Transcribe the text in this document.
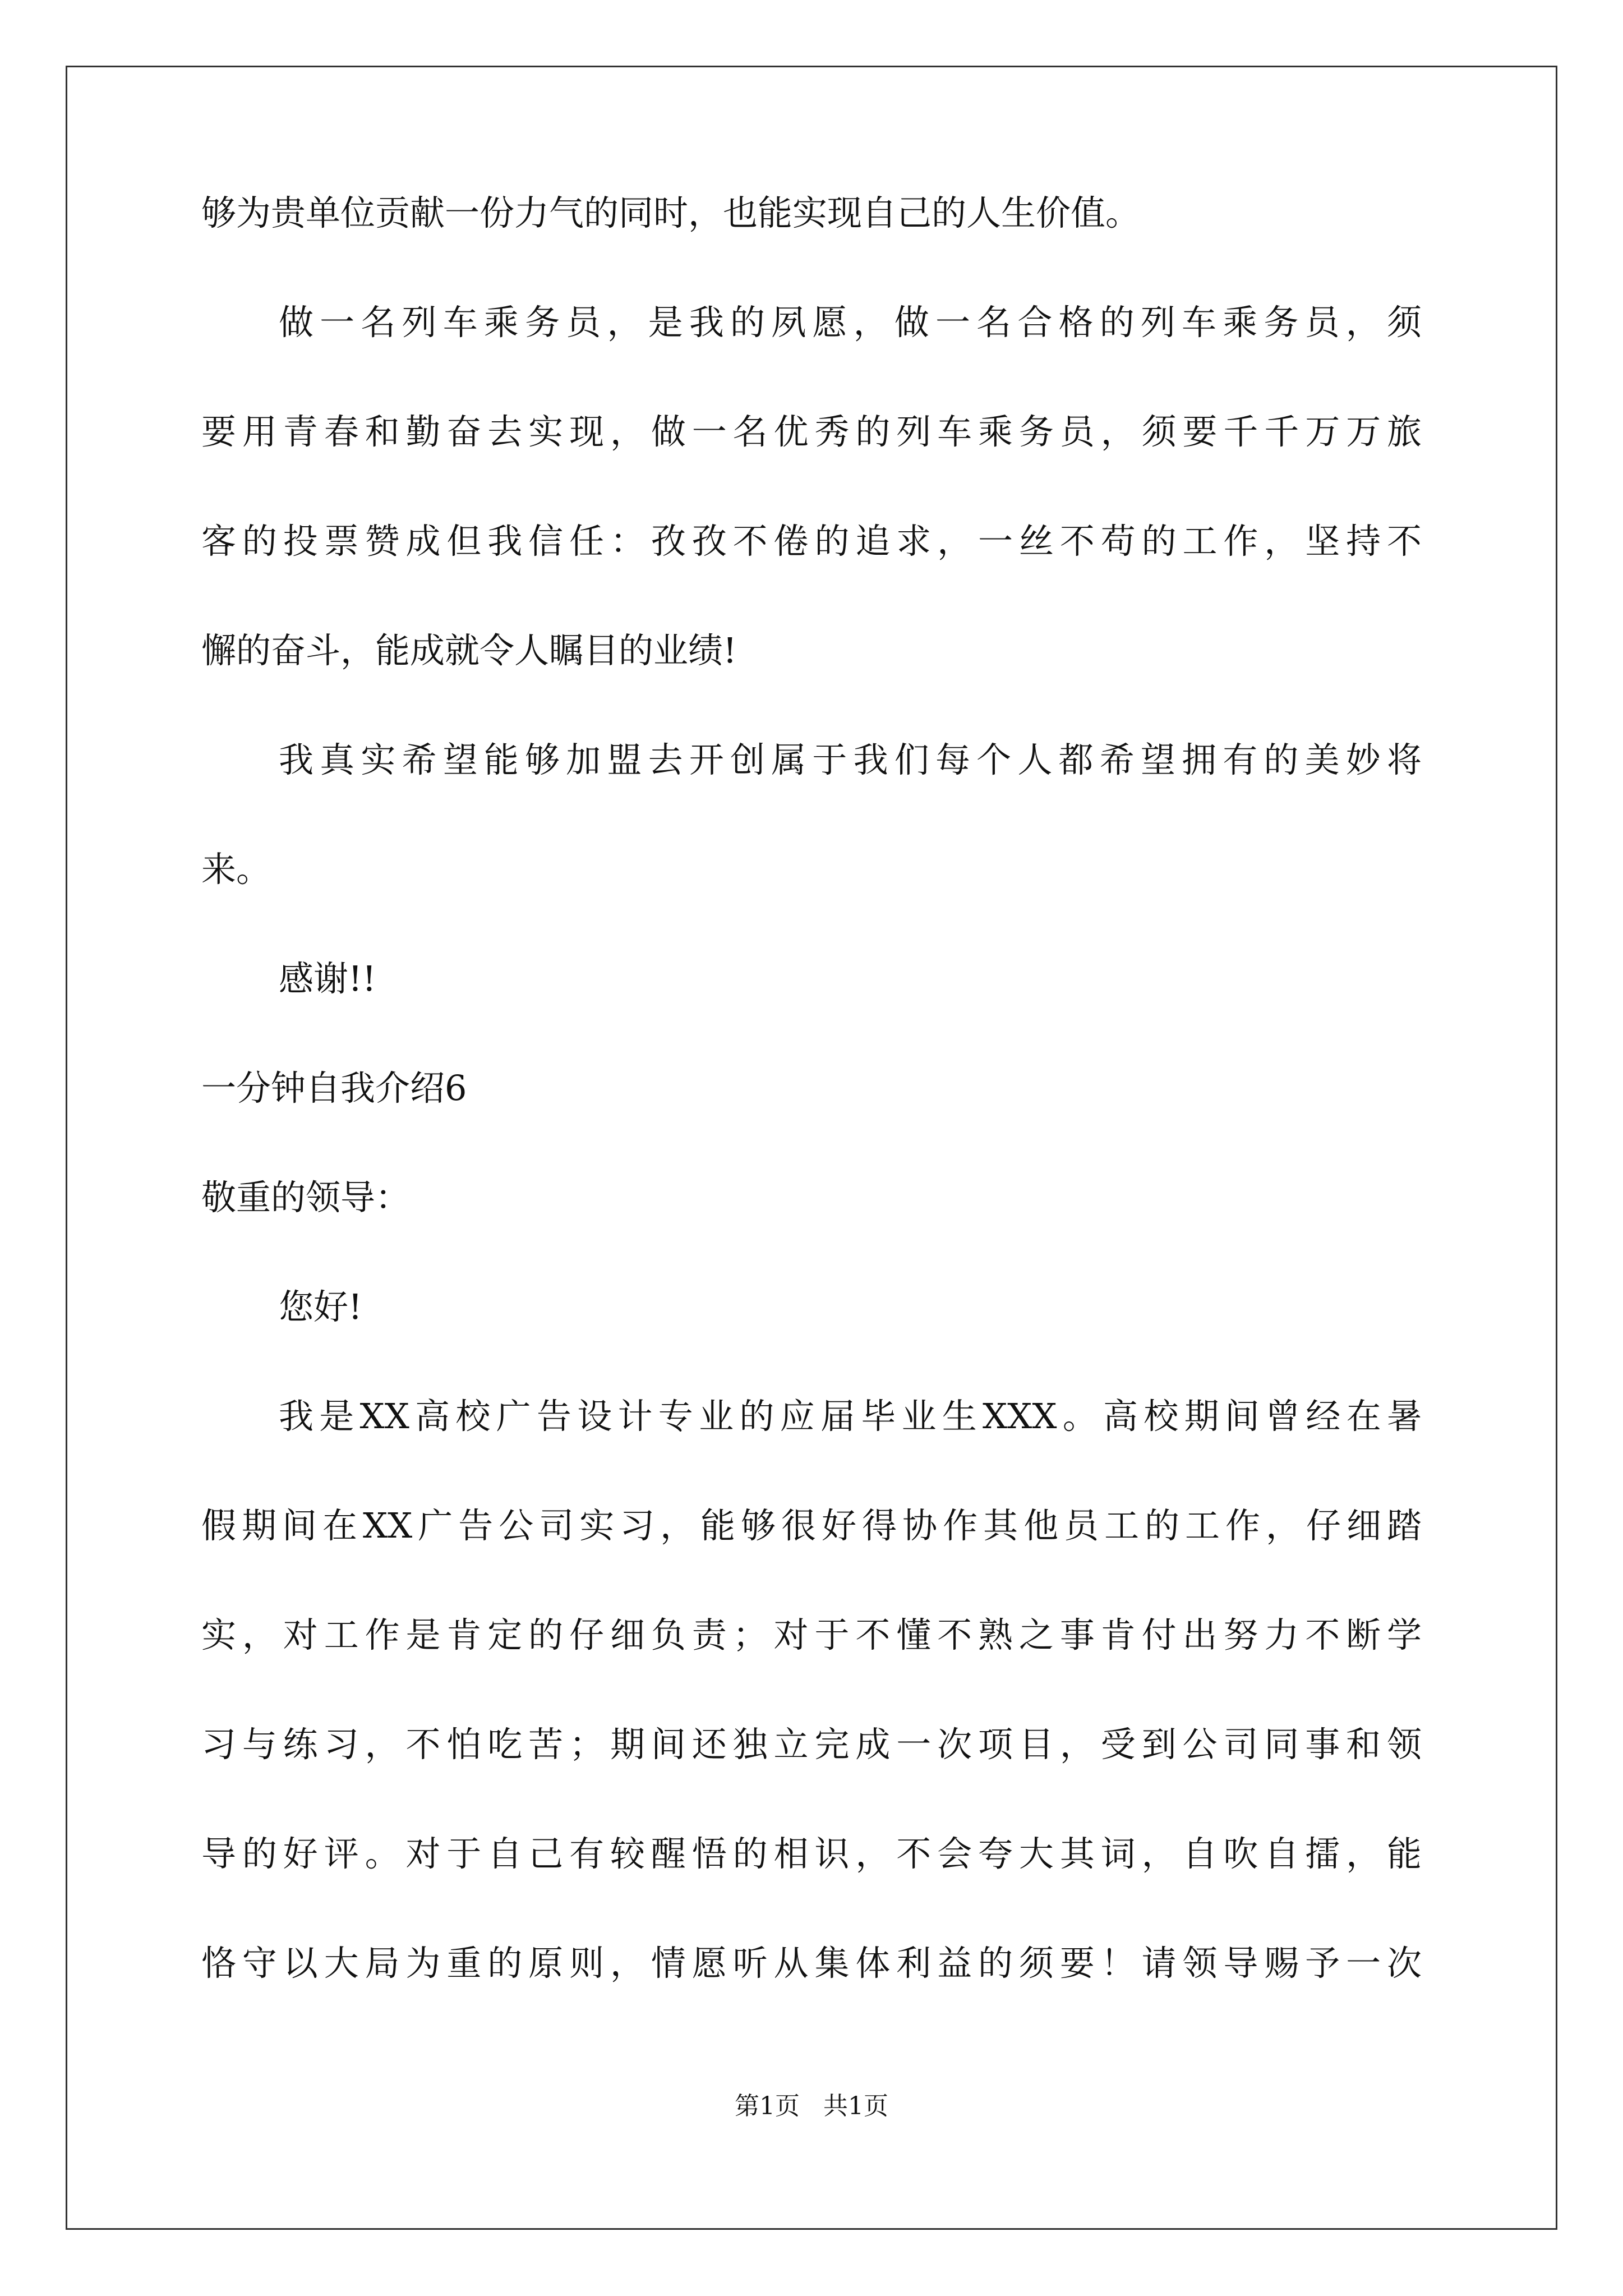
够为贵单位贡献一份力气的同时，也能实现自己的人生价值。
做一名列车乘务员，是我的夙愿，做一名合格的列车乘务员，须
要用青春和勤奋去实现，做一名优秀的列车乘务员，须要千千万万旅
客的投票赞成但我信任：孜孜不倦的追求，一丝不苟的工作，坚持不
懈的奋斗，能成就令人瞩目的业绩!
我真实希望能够加盟去开创属于我们每个人都希望拥有的美妙将
来。
感谢!!
一分钟自我介绍6
敬重的领导：
您好!
我是XX高校广告设计专业的应届毕业生XXX。高校期间曾经在暑
假期间在XX广告公司实习，能够很好得协作其他员工的工作，仔细踏
实，对工作是肯定的仔细负责；对于不懂不熟之事肯付出努力不断学
习与练习，不怕吃苦；期间还独立完成一次项目，受到公司同事和领
导的好评。对于自己有较醒悟的相识，不会夸大其词，自吹自擂，能
恪守以大局为重的原则，情愿听从集体利益的须要！请领导赐予一次
第1页   共1页
